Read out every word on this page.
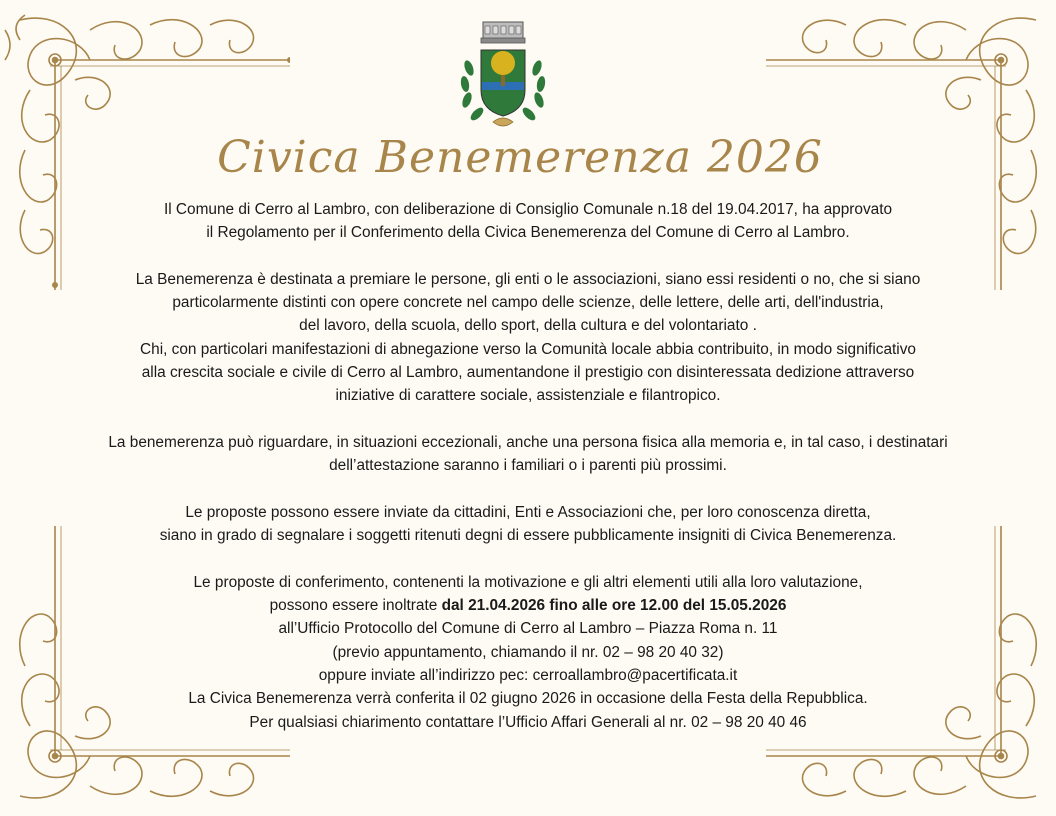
Civica Benemerenza 2026

Il Comune di Cerro al Lambro, con deliberazione di Consiglio Comunale n.18 del 19.04.2017, ha approvato

il Regolamento per il Conferimento della Civica Benemerenza del Comune di Cerro al Lambro.

La Benemerenza è destinata a premiare le persone, gli enti o le associazioni, siano essi residenti o no, che si siano

particolarmente distinti con opere concrete nel campo delle scienze, delle lettere, delle arti, dell'industria,

del lavoro, della scuola, dello sport, della cultura e del volontariato .

Chi, con particolari manifestazioni di abnegazione verso la Comunità locale abbia contribuito, in modo significativo

alla crescita sociale e civile di Cerro al Lambro, aumentandone il prestigio con disinteressata dedizione attraverso

iniziative di carattere sociale, assistenziale e filantropico.

La benemerenza può riguardare, in situazioni eccezionali, anche una persona fisica alla memoria e, in tal caso, i destinatari

dell’attestazione saranno i familiari o i parenti più prossimi.

Le proposte possono essere inviate da cittadini, Enti e Associazioni che, per loro conoscenza diretta,

siano in grado di segnalare i soggetti ritenuti degni di essere pubblicamente insigniti di Civica Benemerenza.

Le proposte di conferimento, contenenti la motivazione e gli altri elementi utili alla loro valutazione,

possono essere inoltrate dal 21.04.2026 fino alle ore 12.00 del 15.05.2026

all’Ufficio Protocollo del Comune di Cerro al Lambro – Piazza Roma n. 11

(previo appuntamento, chiamando il nr. 02 – 98 20 40 32)

oppure inviate all’indirizzo pec: cerroallambro@pacertificata.it

La Civica Benemerenza verrà conferita il 02 giugno 2026 in occasione della Festa della Repubblica.

Per qualsiasi chiarimento contattare l’Ufficio Affari Generali al nr. 02 – 98 20 40 46
